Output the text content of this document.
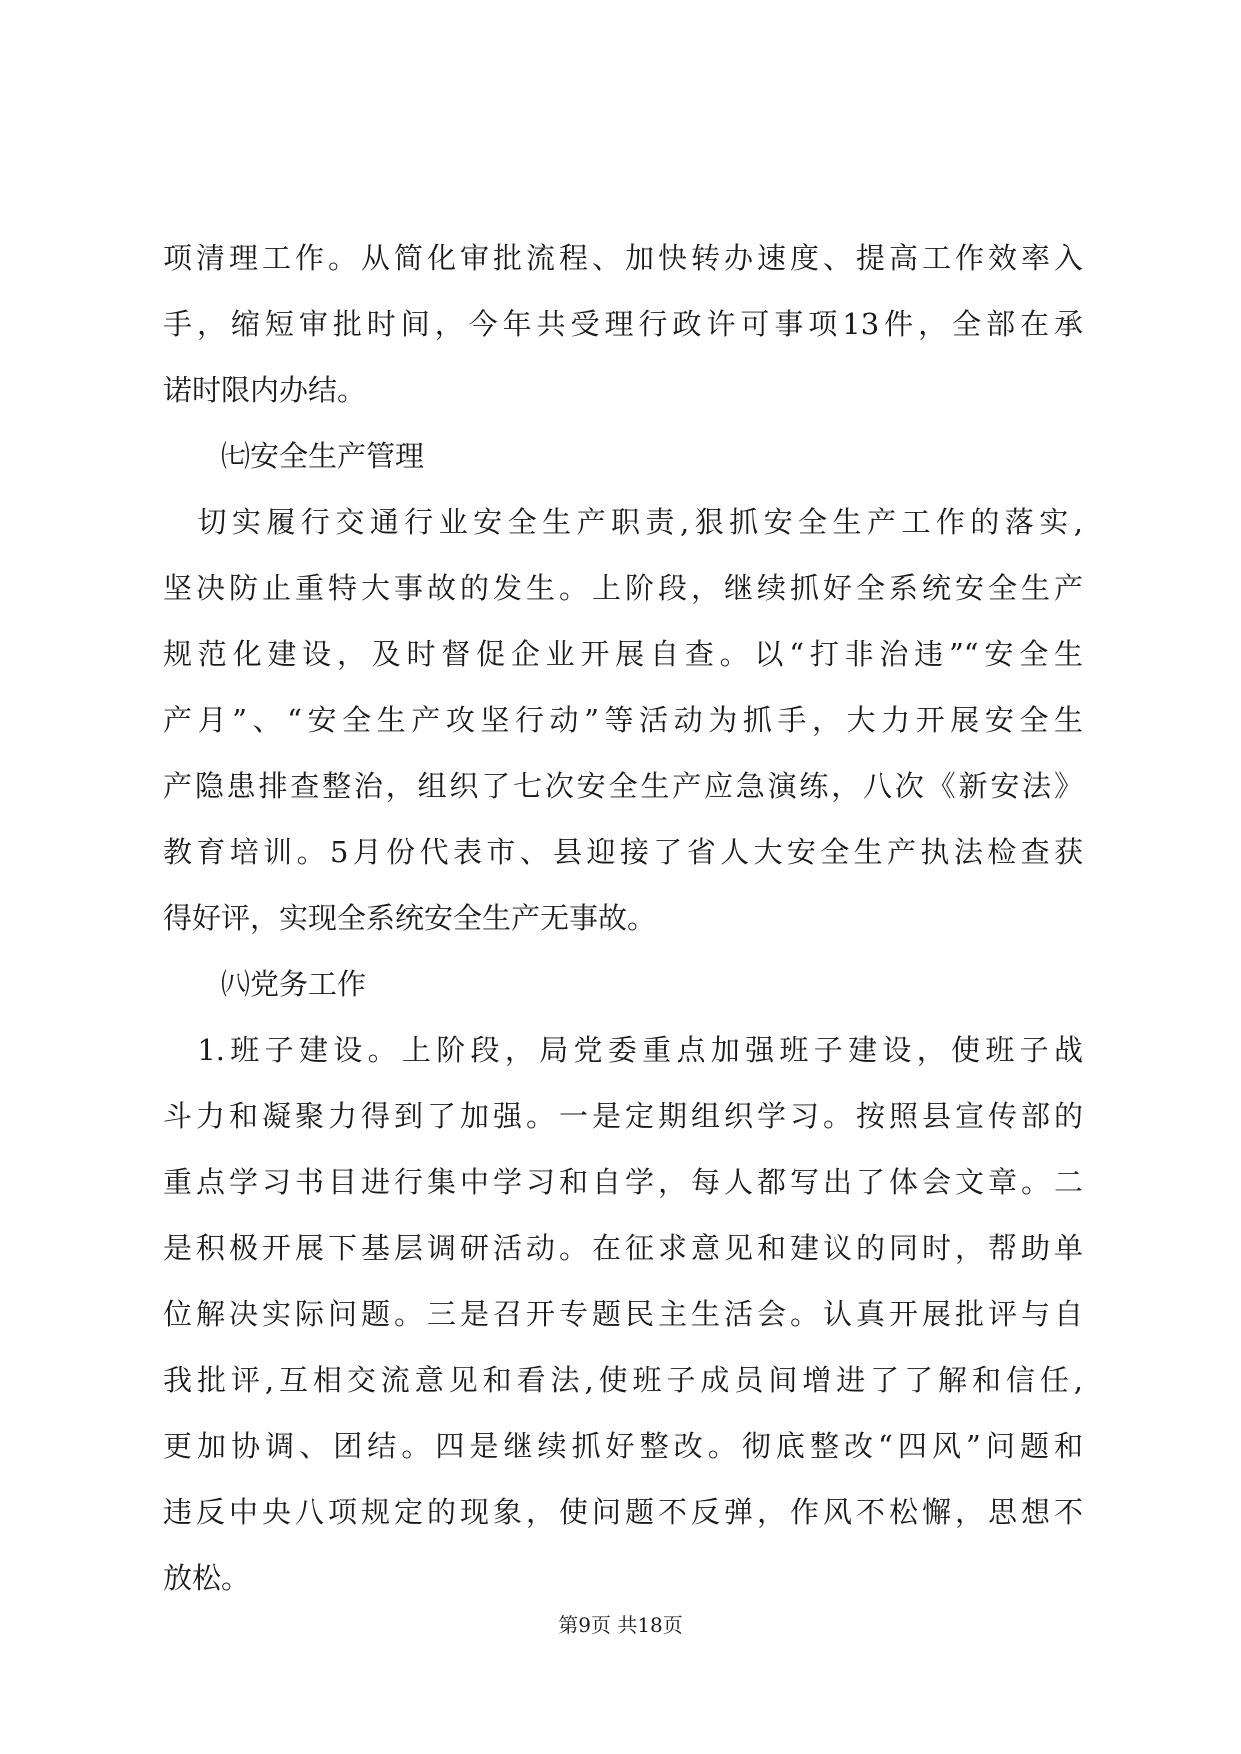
项清理工作。从简化审批流程、加快转办速度、提高工作效率入
手，缩短审批时间，今年共受理行政许可事项13件，全部在承
诺时限内办结。
㈦安全生产管理
　切实履行交通行业安全生产职责,狠抓安全生产工作的落实,
坚决防止重特大事故的发生。上阶段，继续抓好全系统安全生产
规范化建设，及时督促企业开展自查。以“打非治违”“安全生
产月”、“安全生产攻坚行动”等活动为抓手，大力开展安全生
产隐患排查整治，组织了七次安全生产应急演练，八次《新安法》
教育培训。5月份代表市、县迎接了省人大安全生产执法检查获
得好评，实现全系统安全生产无事故。
㈧党务工作
　1.班子建设。上阶段，局党委重点加强班子建设，使班子战
斗力和凝聚力得到了加强。一是定期组织学习。按照县宣传部的
重点学习书目进行集中学习和自学，每人都写出了体会文章。二
是积极开展下基层调研活动。在征求意见和建议的同时，帮助单
位解决实际问题。三是召开专题民主生活会。认真开展批评与自
我批评,互相交流意见和看法,使班子成员间增进了了解和信任,
更加协调、团结。四是继续抓好整改。彻底整改“四风”问题和
违反中央八项规定的现象，使问题不反弹，作风不松懈，思想不
放松。
第9页 共18页
